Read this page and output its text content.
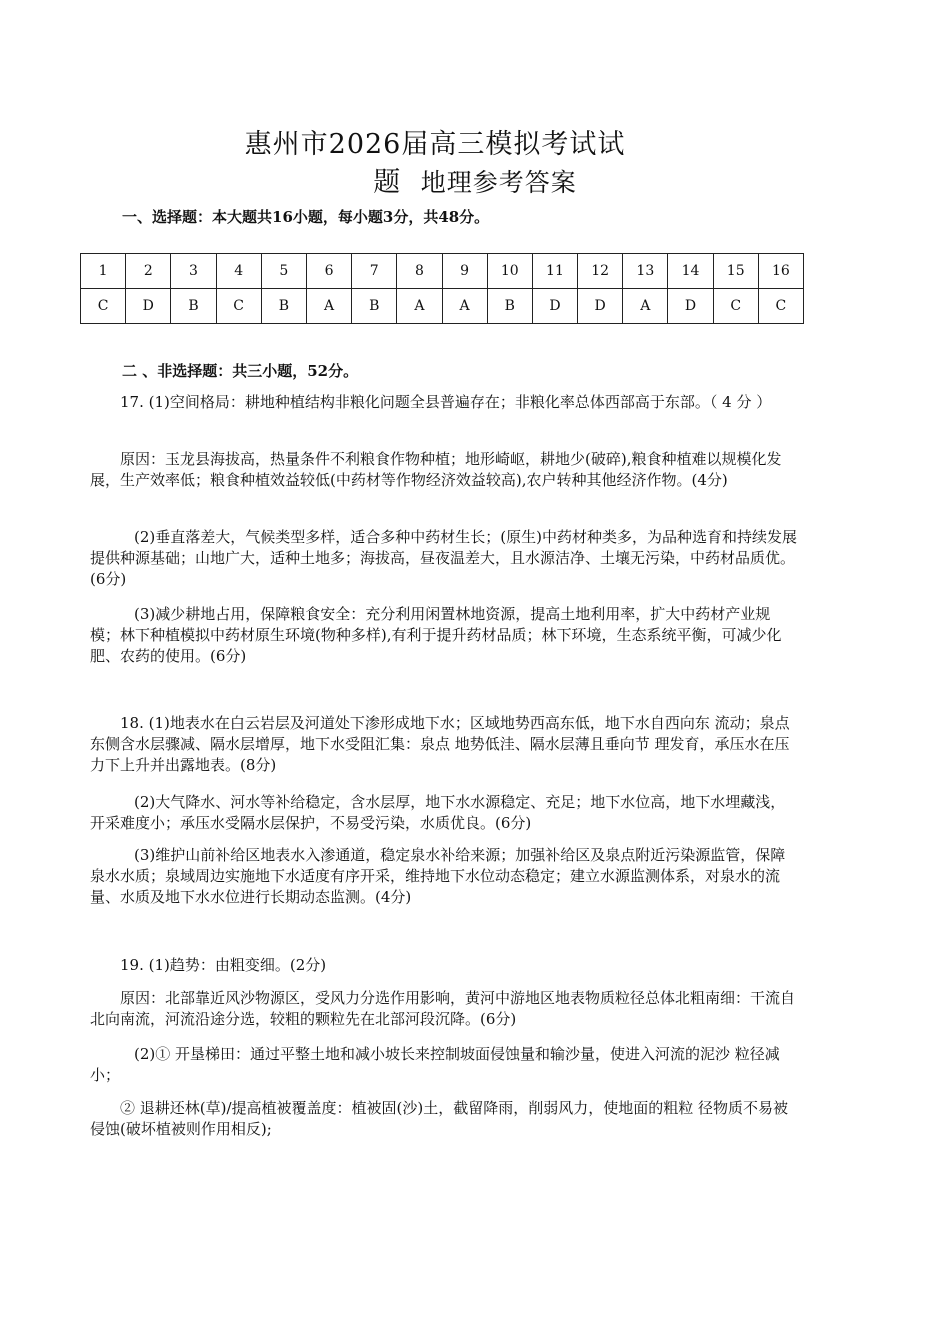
惠州市2026届高三模拟考试试
题 地理参考答案
一、选择题：本大题共16小题，每小题3分，共48分。
1	2	3	4	5	6	7	8	9	10	11	12	13	14	15	16
C	D	B	C	B	A	B	A	A	B	D	D	A	D	C	C
二 、非选择题：共三小题，52分。

17. (1)空间格局：耕地种植结构非粮化问题全县普遍存在；非粮化率总体西部高于东部。（ 4 分 ）

原因：玉龙县海拔高，热量条件不利粮食作物种植；地形崎岖，耕地少(破碎),粮食种植难以规模化发展，生产效率低；粮食种植效益较低(中药材等作物经济效益较高),农户转种其他经济作物。(4分)

(2)垂直落差大，气候类型多样，适合多种中药材生长；(原生)中药材种类多，为品种选育和持续发展提供种源基础；山地广大，适种土地多；海拔高，昼夜温差大，且水源洁净、土壤无污染，中药材品质优。(6分)

(3)减少耕地占用，保障粮食安全：充分利用闲置林地资源，提高土地利用率，扩大中药材产业规模；林下种植模拟中药材原生环境(物种多样),有利于提升药材品质；林下环境，生态系统平衡，可减少化肥、农药的使用。(6分)

18. (1)地表水在白云岩层及河道处下渗形成地下水；区域地势西高东低，地下水自西向东 流动；泉点东侧含水层骤减、隔水层增厚，地下水受阻汇集：泉点 地势低洼、隔水层薄且垂向节 理发育，承压水在压力下上升并出露地表。(8分)

(2)大气降水、河水等补给稳定，含水层厚，地下水水源稳定、充足；地下水位高，地下水埋藏浅，开采难度小；承压水受隔水层保护，不易受污染，水质优良。(6分)

(3)维护山前补给区地表水入渗通道，稳定泉水补给来源；加强补给区及泉点附近污染源监管，保障泉水水质；泉域周边实施地下水适度有序开采，维持地下水位动态稳定；建立水源监测体系，对泉水的流量、水质及地下水水位进行长期动态监测。(4分)

19. (1)趋势：由粗变细。(2分)

原因：北部靠近风沙物源区，受风力分选作用影响，黄河中游地区地表物质粒径总体北粗南细：干流自北向南流，河流沿途分选，较粗的颗粒先在北部河段沉降。(6分)

(2)① 开垦梯田：通过平整土地和减小坡长来控制坡面侵蚀量和输沙量，使进入河流的泥沙 粒径减小；

② 退耕还林(草)/提高植被覆盖度：植被固(沙)土，截留降雨，削弱风力，使地面的粗粒 径物质不易被侵蚀(破坏植被则作用相反);
